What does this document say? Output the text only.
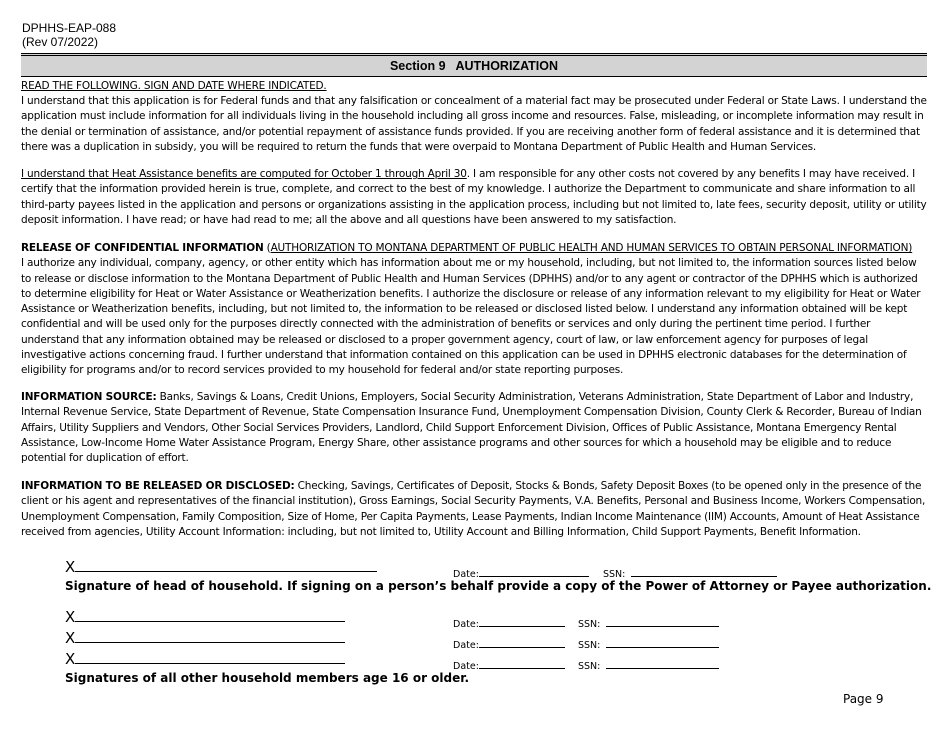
DPHHS-EAP-088
(Rev 07/2022)
Section 9   AUTHORIZATION
READ THE FOLLOWING. SIGN AND DATE WHERE INDICATED.
I understand that this application is for Federal funds and that any falsification or concealment of a material fact may be prosecuted under Federal or State Laws. I understand the application must include information for all individuals living in the household including all gross income and resources. False, misleading, or incomplete information may result in the denial or termination of assistance, and/or potential repayment of assistance funds provided. If you are receiving another form of federal assistance and it is determined that there was a duplication in subsidy, you will be required to return the funds that were overpaid to Montana Department of Public Health and Human Services.
I understand that Heat Assistance benefits are computed for October 1 through April 30. I am responsible for any other costs not covered by any benefits I may have received. I certify that the information provided herein is true, complete, and correct to the best of my knowledge. I authorize the Department to communicate and share information to all third-party payees listed in the application and persons or organizations assisting in the application process, including but not limited to, late fees, security deposit, utility or utility deposit information. I have read; or have had read to me; all the above and all questions have been answered to my satisfaction.
RELEASE OF CONFIDENTIAL INFORMATION (AUTHORIZATION TO MONTANA DEPARTMENT OF PUBLIC HEALTH AND HUMAN SERVICES TO OBTAIN PERSONAL INFORMATION)
I authorize any individual, company, agency, or other entity which has information about me or my household, including, but not limited to, the information sources listed below to release or disclose information to the Montana Department of Public Health and Human Services (DPHHS) and/or to any agent or contractor of the DPHHS which is authorized to determine eligibility for Heat or Water Assistance or Weatherization benefits. I authorize the disclosure or release of any information relevant to my eligibility for Heat or Water Assistance or Weatherization benefits, including, but not limited to, the information to be released or disclosed listed below. I understand any information obtained will be kept confidential and will be used only for the purposes directly connected with the administration of benefits or services and only during the pertinent time period. I further understand that any information obtained may be released or disclosed to a proper government agency, court of law, or law enforcement agency for purposes of legal investigative actions concerning fraud. I further understand that information contained on this application can be used in DPHHS electronic databases for the determination of eligibility for programs and/or to record services provided to my household for federal and/or state reporting purposes.
INFORMATION SOURCE: Banks, Savings & Loans, Credit Unions, Employers, Social Security Administration, Veterans Administration, State Department of Labor and Industry, Internal Revenue Service, State Department of Revenue, State Compensation Insurance Fund, Unemployment Compensation Division, County Clerk & Recorder, Bureau of Indian Affairs, Utility Suppliers and Vendors, Other Social Services Providers, Landlord, Child Support Enforcement Division, Offices of Public Assistance, Montana Emergency Rental Assistance, Low-Income Home Water Assistance Program, Energy Share, other assistance programs and other sources for which a household may be eligible and to reduce potential for duplication of effort.
INFORMATION TO BE RELEASED OR DISCLOSED: Checking, Savings, Certificates of Deposit, Stocks & Bonds, Safety Deposit Boxes (to be opened only in the presence of the client or his agent and representatives of the financial institution), Gross Earnings, Social Security Payments, V.A. Benefits, Personal and Business Income, Workers Compensation, Unemployment Compensation, Family Composition, Size of Home, Per Capita Payments, Lease Payments, Indian Income Maintenance (IIM) Accounts, Amount of Heat Assistance received from agencies, Utility Account Information: including, but not limited to, Utility Account and Billing Information, Child Support Payments, Benefit Information.
X	Date:	SSN:
Signature of head of household. If signing on a person’s behalf provide a copy of the Power of Attorney or Payee authorization.
X	Date:	SSN:
X	Date:	SSN:
X	Date:	SSN:
Signatures of all other household members age 16 or older.
Page 9
